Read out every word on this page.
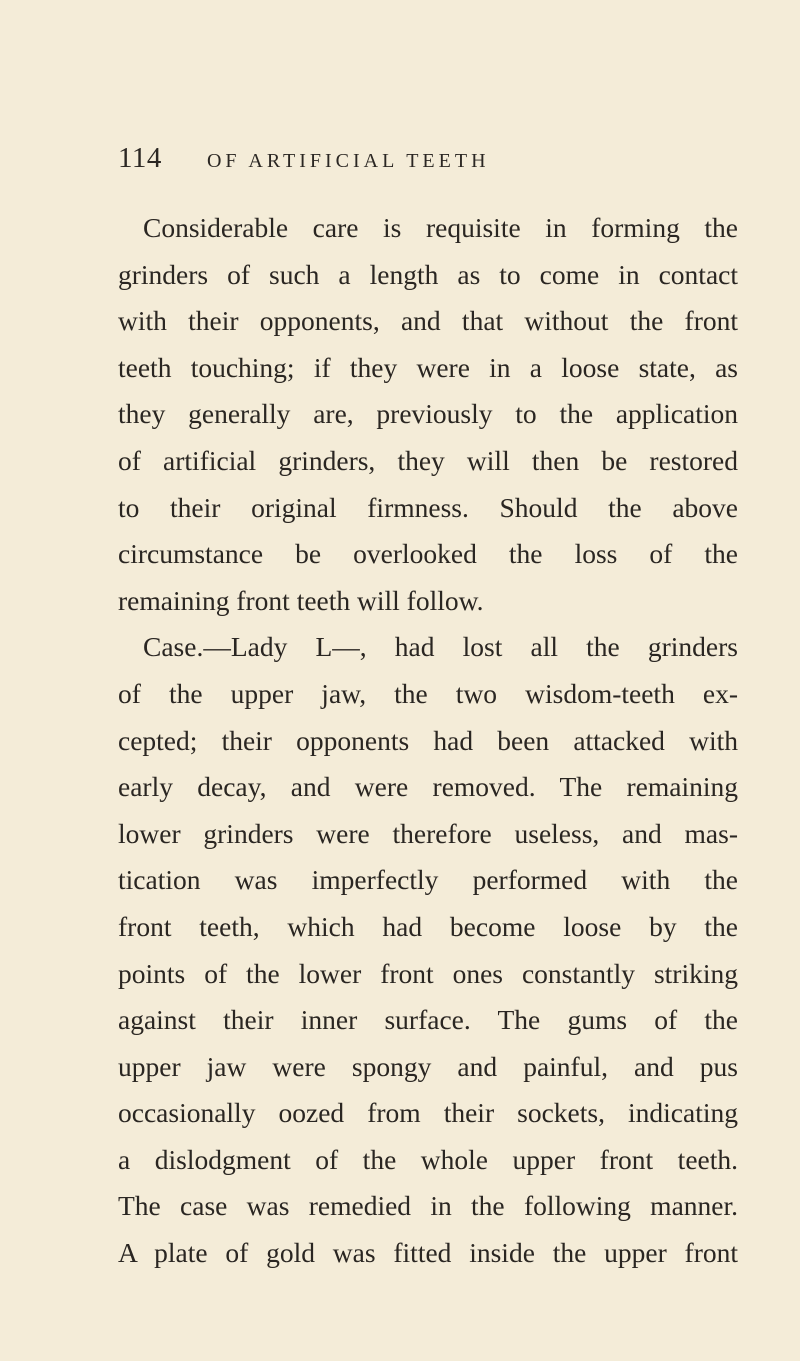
114 OF ARTIFICIAL TEETH
Considerable care is requisite in forming the
grinders of such a length as to come in contact
with their opponents, and that without the front
teeth touching; if they were in a loose state, as
they generally are, previously to the application
of artificial grinders, they will then be restored
to their original firmness. Should the above
circumstance be overlooked the loss of the
remaining front teeth will follow.
Case.—Lady L—, had lost all the grinders
of the upper jaw, the two wisdom-teeth ex-
cepted; their opponents had been attacked with
early decay, and were removed. The remaining
lower grinders were therefore useless, and mas-
tication was imperfectly performed with the
front teeth, which had become loose by the
points of the lower front ones constantly striking
against their inner surface. The gums of the
upper jaw were spongy and painful, and pus
occasionally oozed from their sockets, indicating
a dislodgment of the whole upper front teeth.
The case was remedied in the following manner.
A plate of gold was fitted inside the upper front
